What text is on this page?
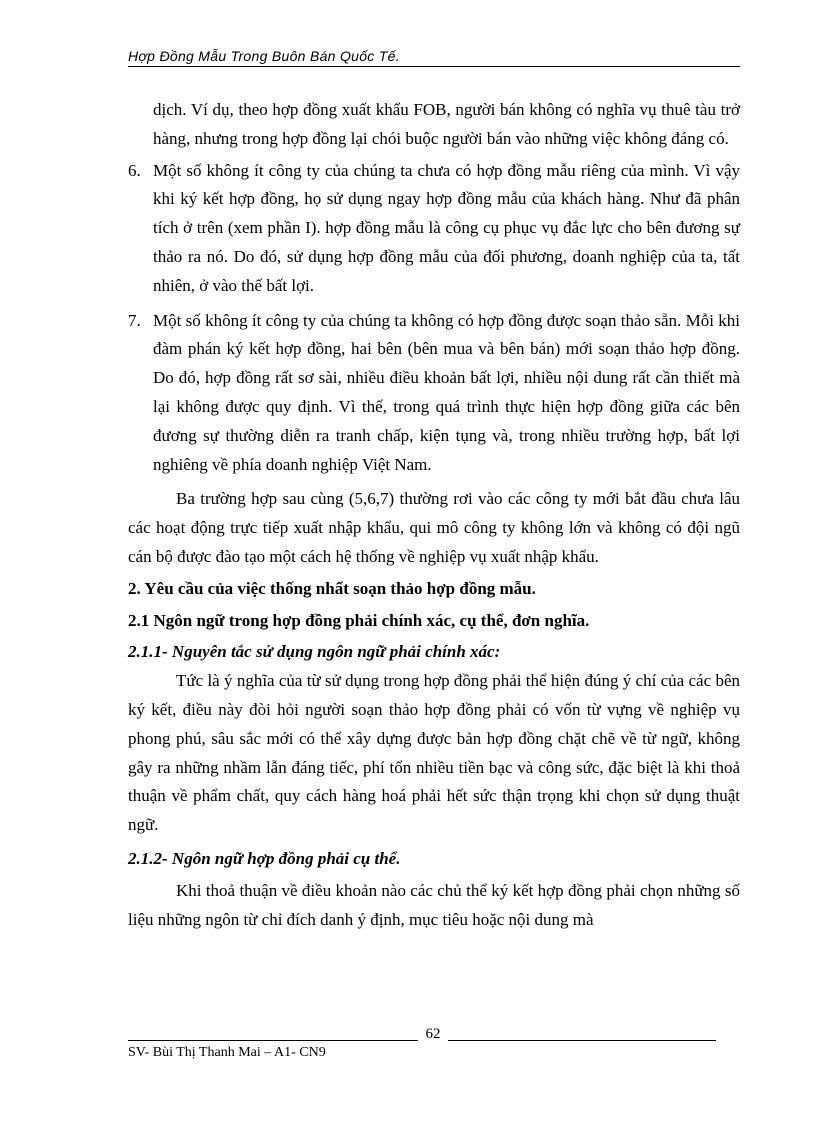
Hợp Đồng Mẫu Trong Buôn Bán Quốc Tế.

dịch. Ví dụ, theo hợp đồng xuất khẩu FOB, người bán không có nghĩa vụ thuê tàu trở hàng, nhưng trong hợp đồng lại chói buộc người bán vào những việc không đáng có.

6. Một số không ít công ty của chúng ta chưa có hợp đồng mẫu riêng của mình. Vì vậy khi ký kết hợp đồng, họ sử dụng ngay hợp đồng mẫu của khách hàng. Như đã phân tích ở trên (xem phần I). hợp đồng mẫu là công cụ phục vụ đắc lực cho bên đương sự thảo ra nó. Do đó, sử dụng hợp đồng mẫu của đối phương, doanh nghiệp của ta, tất nhiên, ở vào thế bất lợi.

7. Một số không ít công ty của chúng ta không có hợp đồng được soạn thảo sẵn. Mỗi khi đàm phán ký kết hợp đồng, hai bên (bên mua và bên bán) mới soạn thảo hợp đồng. Do đó, hợp đồng rất sơ sài, nhiều điều khoản bất lợi, nhiều nội dung rất cần thiết mà lại không được quy định. Vì thế, trong quá trình thực hiện hợp đồng giữa các bên đương sự thường diễn ra tranh chấp, kiện tụng và, trong nhiều trường hợp, bất lợi nghiêng về phía doanh nghiệp Việt Nam.

Ba trường hợp sau cùng (5,6,7) thường rơi vào các công ty mới bắt đầu chưa lâu các hoạt động trực tiếp xuất nhập khẩu, qui mô công ty không lớn và không có đội ngũ cán bộ được đào tạo một cách hệ thống về nghiệp vụ xuất nhập khẩu.

2. Yêu cầu của việc thống nhất soạn thảo hợp đồng mẫu.

2.1 Ngôn ngữ trong hợp đồng phải chính xác, cụ thể, đơn nghĩa.

2.1.1- Nguyên tắc sử dụng ngôn ngữ phải chính xác:

Tức là ý nghĩa của từ sử dụng trong hợp đồng phải thể hiện đúng ý chí của các bên ký kết, điều này đòi hỏi người soạn thảo hợp đồng phải có vốn từ vựng về nghiệp vụ phong phú, sâu sắc mới có thể xây dựng được bản hợp đồng chặt chẽ về từ ngữ, không gây ra những nhầm lẫn đáng tiếc, phí tổn nhiều tiền bạc và công sức, đặc biệt là khi thoả thuận về phẩm chất, quy cách hàng hoá phải hết sức thận trọng khi chọn sử dụng thuật ngữ.

2.1.2- Ngôn ngữ hợp đồng phải cụ thể.

Khi thoả thuận về điều khoản nào các chủ thể ký kết hợp đồng phải chọn những số liệu những ngôn từ chỉ đích danh ý định, mục tiêu hoặc nội dung mà

62
SV- Bùi Thị Thanh Mai – A1- CN9
